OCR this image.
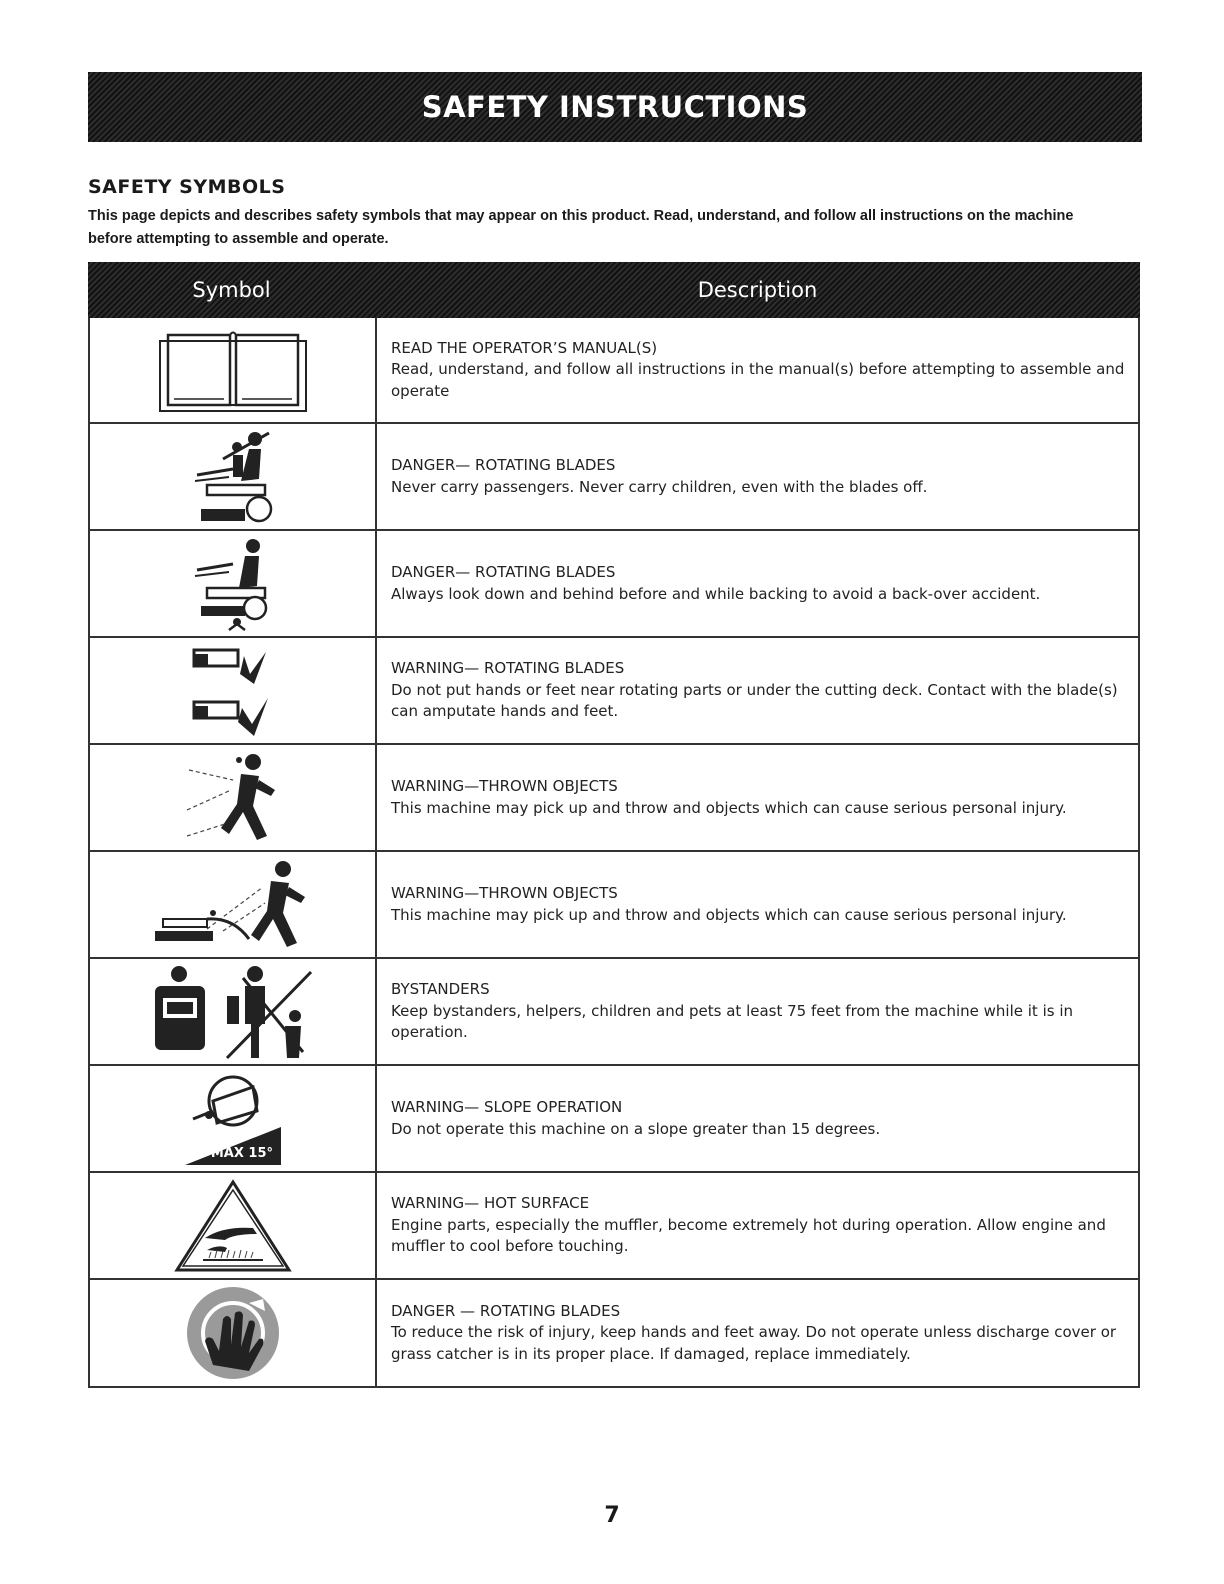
SAFETY INSTRUCTIONS
SAFETY SYMBOLS
This page depicts and describes safety symbols that may appear on this product. Read, understand, and follow all instructions on the machine before attempting to assemble and operate.
Symbol	Description
READ THE OPERATOR’S MANUAL(S)
Read, understand, and follow all instructions in the manual(s) before attempting to assemble and operate
DANGER— ROTATING BLADES
Never carry passengers. Never carry children, even with the blades off.
DANGER— ROTATING BLADES
Always look down and behind before and while backing to avoid a back-over accident.
WARNING— ROTATING BLADES
Do not put hands or feet near rotating parts or under the cutting deck. Contact with the blade(s) can amputate hands and feet.
WARNING—THROWN OBJECTS
This machine may pick up and throw and objects which can cause serious personal injury.
WARNING—THROWN OBJECTS
This machine may pick up and throw and objects which can cause serious personal injury.
BYSTANDERS
Keep bystanders, helpers, children and pets at least 75 feet from the machine while it is in operation.
MAX 15°
WARNING— SLOPE OPERATION
Do not operate this machine on a slope greater than 15 degrees.
WARNING— HOT SURFACE
Engine parts, especially the muffler, become extremely hot during operation. Allow engine and muffler to cool before touching.
DANGER — ROTATING BLADES
To reduce the risk of injury, keep hands and feet away. Do not operate unless discharge cover or grass catcher is in its proper place. If damaged, replace immediately.
7
